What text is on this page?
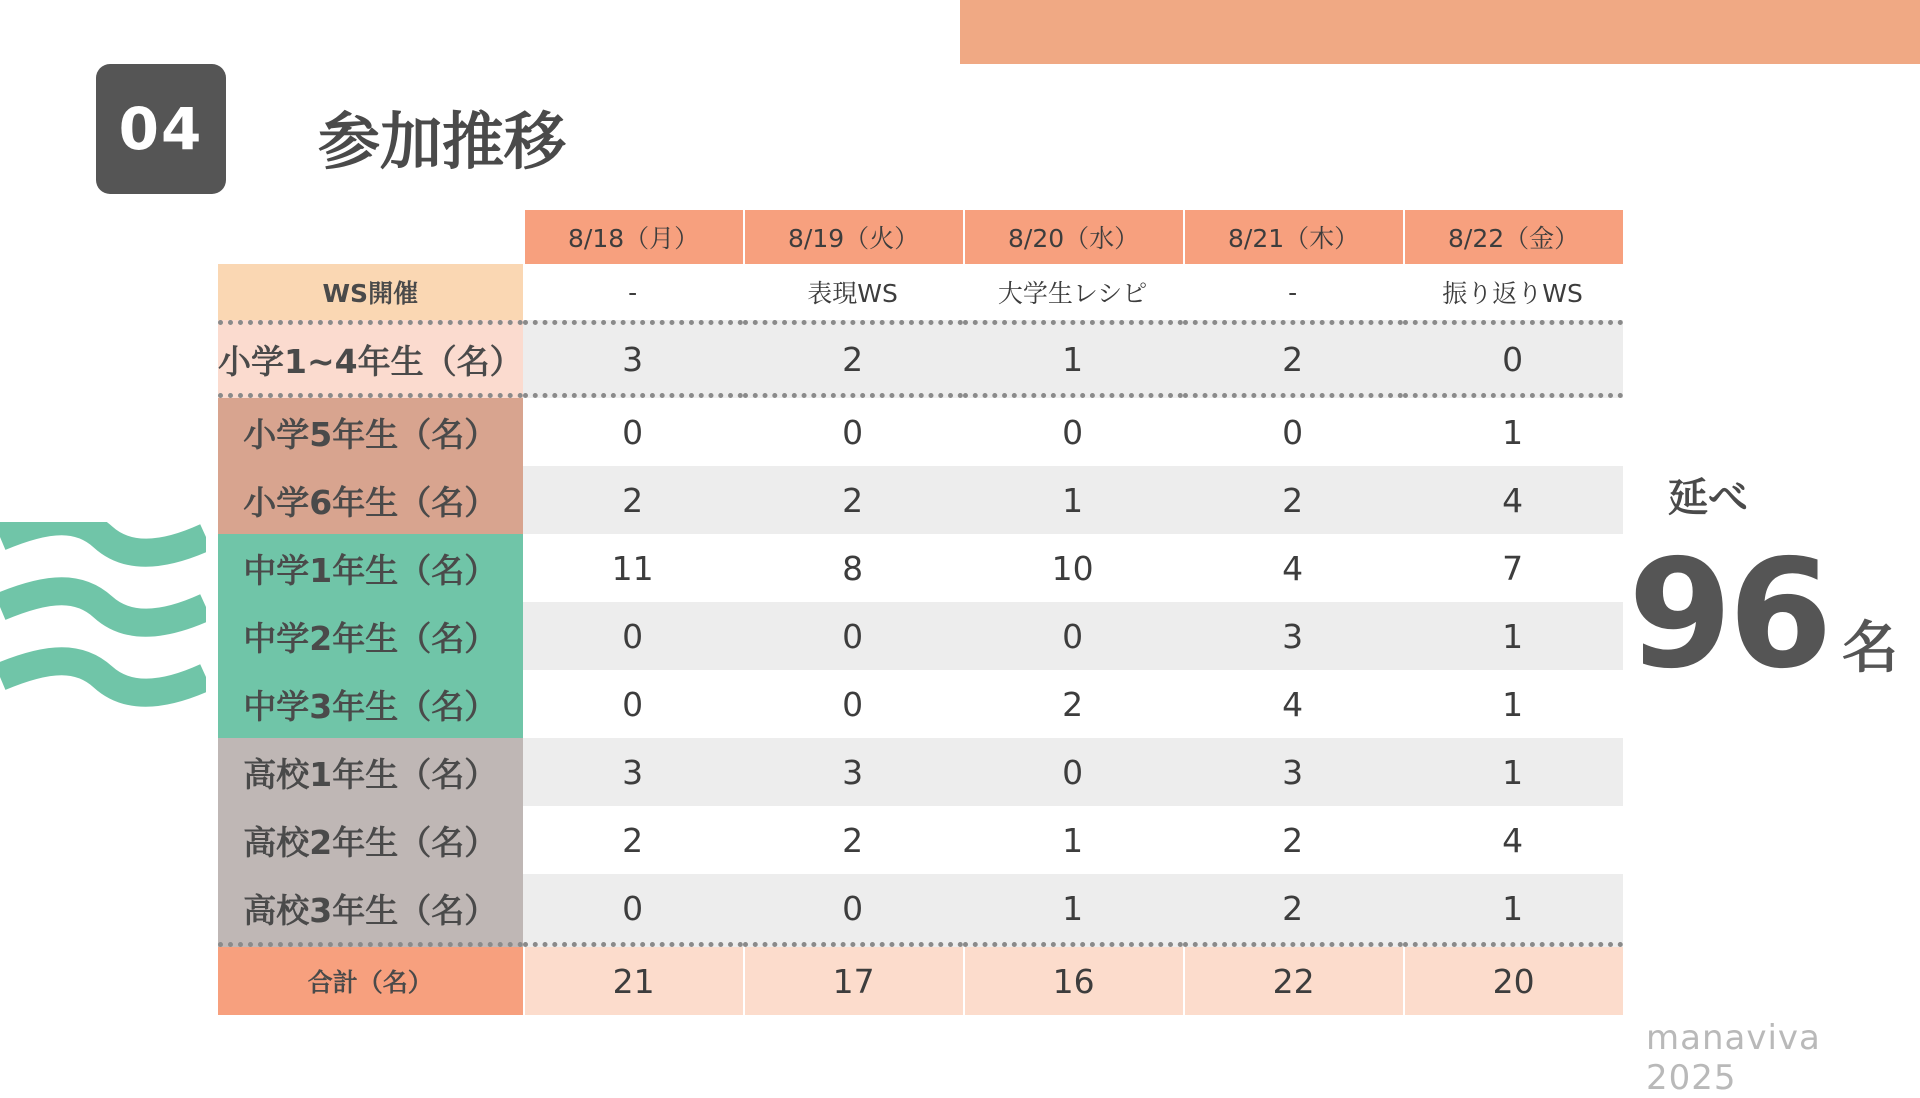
04	参加推移
	8/18（月）	8/19（火）	8/20（水）	8/21（木）	8/22（金）
WS開催	-	表現WS	大学生レシピ	-	振り返りWS
小学1~4年生（名）	3	2	1	2	0
小学5年生（名）	0	0	0	0	1
小学6年生（名）	2	2	1	2	4
中学1年生（名）	11	8	10	4	7
中学2年生（名）	0	0	0	3	1
中学3年生（名）	0	0	2	4	1
高校1年生（名）	3	3	0	3	1
高校2年生（名）	2	2	1	2	4
高校3年生（名）	0	0	1	2	1
合計（名）	21	17	16	22	20
延べ
96 名
manaviva 2025
